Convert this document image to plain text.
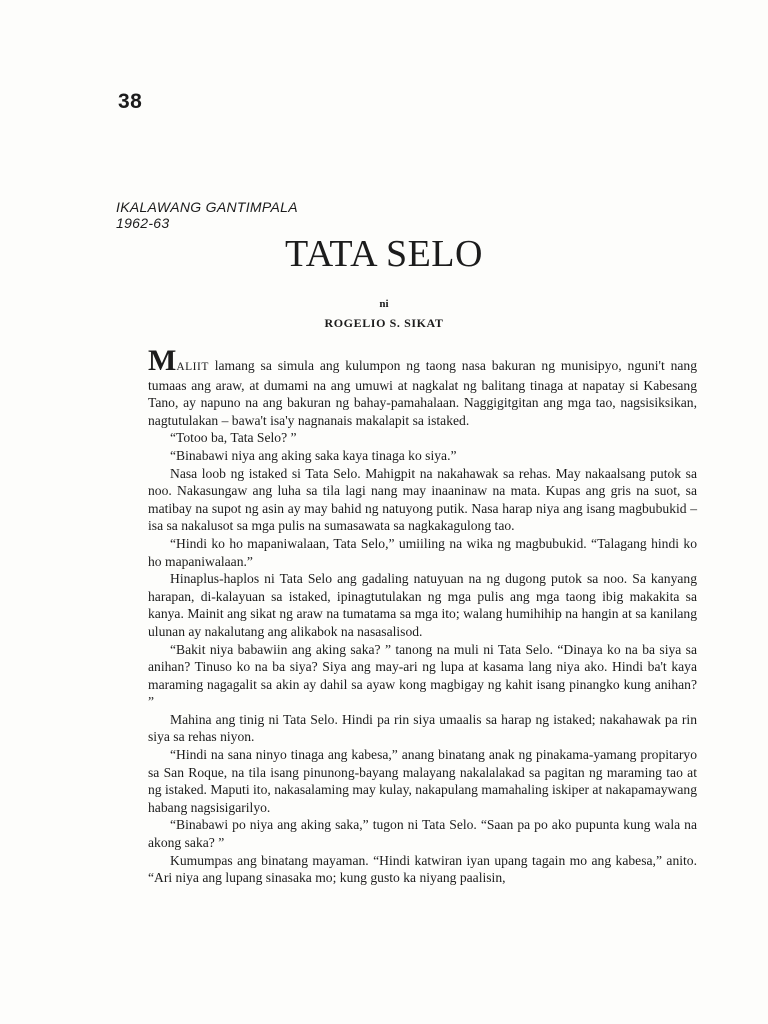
38
IKALAWANG GANTIMPALA
1962-63
TATA SELO
ni
ROGELIO S. SIKAT

MALIIT lamang sa simula ang kulumpon ng taong nasa bakuran ng munisipyo, nguni't nang tumaas ang araw, at dumami na ang umuwi at nagkalat ng balitang tinaga at napatay si Kabesang Tano, ay napuno na ang bakuran ng bahay-pamahalaan. Naggigitgitan ang mga tao, nagsisiksikan, nagtutulakan – bawa't isa'y nagnanais makalapit sa istaked.

“Totoo ba, Tata Selo? ”

“Binabawi niya ang aking saka kaya tinaga ko siya.”

Nasa loob ng istaked si Tata Selo. Mahigpit na nakahawak sa rehas. May nakaalsang putok sa noo. Nakasungaw ang luha sa tila lagi nang may inaaninaw na mata. Kupas ang gris na suot, sa matibay na supot ng asin ay may bahid ng natuyong putik. Nasa harap niya ang isang magbubukid – isa sa nakalusot sa mga pulis na sumasawata sa nagkakagulong tao.

“Hindi ko ho mapaniwalaan, Tata Selo,” umiiling na wika ng magbubukid. “Talagang hindi ko ho mapaniwalaan.”

Hinaplus-haplos ni Tata Selo ang gadaling natuyuan na ng dugong putok sa noo. Sa kanyang harapan, di-kalayuan sa istaked, ipinagtutulakan ng mga pulis ang mga taong ibig makakita sa kanya. Mainit ang sikat ng araw na tumatama sa mga ito; walang humihihip na hangin at sa kanilang ulunan ay nakalutang ang alikabok na nasasalisod.

“Bakit niya babawiin ang aking saka? ” tanong na muli ni Tata Selo. “Dinaya ko na ba siya sa anihan? Tinuso ko na ba siya? Siya ang may-ari ng lupa at kasama lang niya ako. Hindi ba't kaya maraming nagagalit sa akin ay dahil sa ayaw kong magbigay ng kahit isang pinangko kung anihan? ”

Mahina ang tinig ni Tata Selo. Hindi pa rin siya umaalis sa harap ng istaked; nakahawak pa rin siya sa rehas niyon.

“Hindi na sana ninyo tinaga ang kabesa,” anang binatang anak ng pinakama-yamang propitaryo sa San Roque, na tila isang pinunong-bayang malayang nakalalakad sa pagitan ng maraming tao at ng istaked. Maputi ito, nakasalaming may kulay, nakapulang mamahaling iskiper at nakapamaywang habang nagsisigarilyo.

“Binabawi po niya ang aking saka,” tugon ni Tata Selo. “Saan pa po ako pupunta kung wala na akong saka? ”

Kumumpas ang binatang mayaman. “Hindi katwiran iyan upang tagain mo ang kabesa,” anito. “Ari niya ang lupang sinasaka mo; kung gusto ka niyang paalisin,
